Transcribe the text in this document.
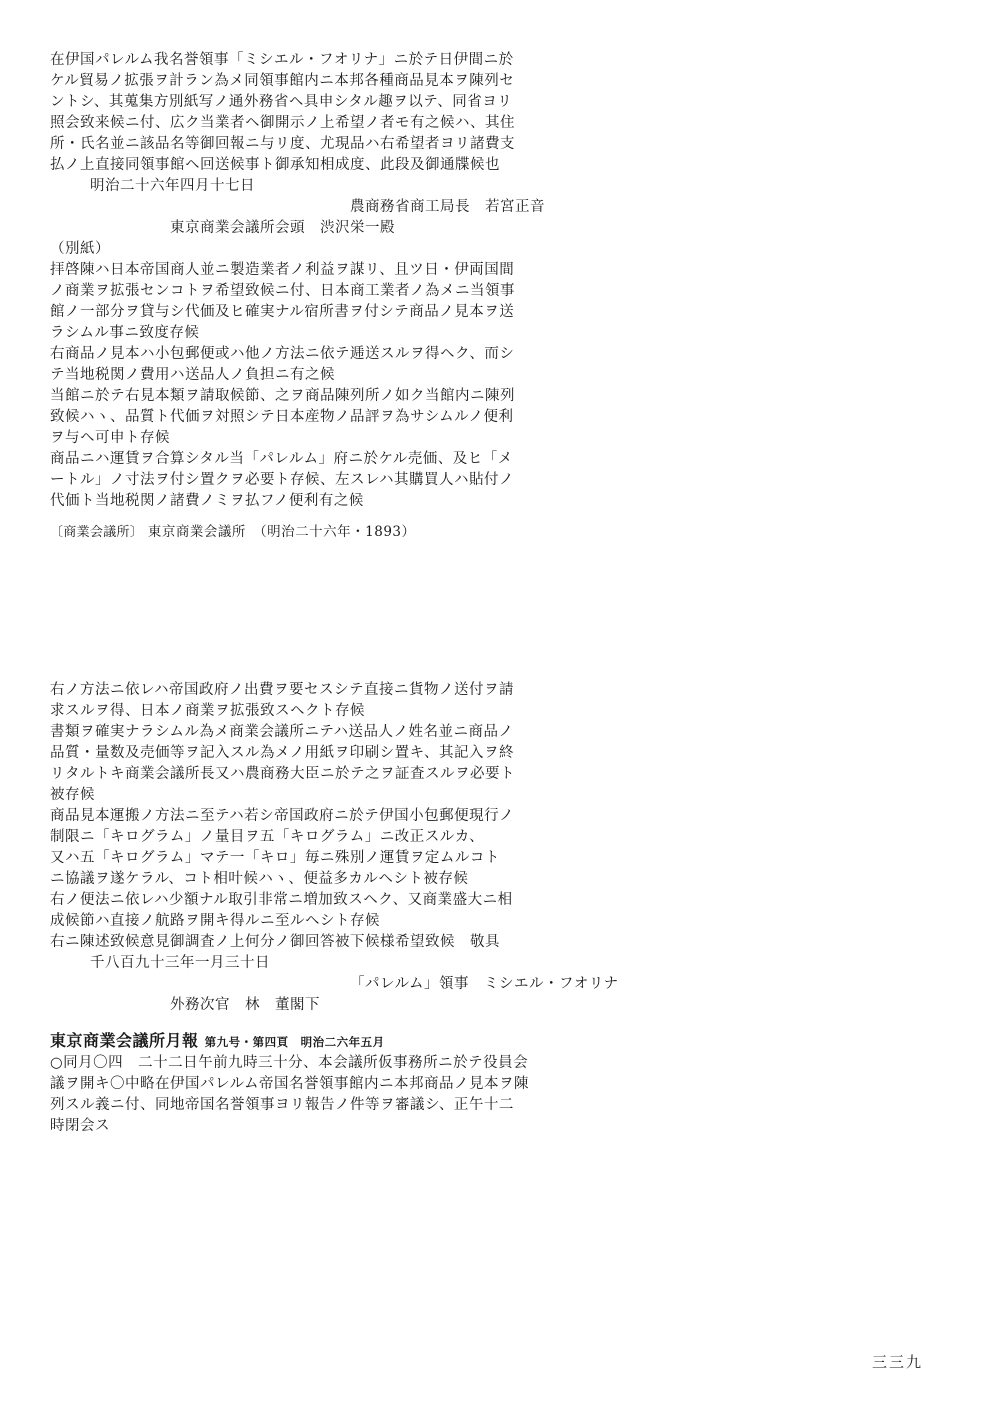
在伊国パレルム我名誉領事「ミシエル・フオリナ」ニ於テ日伊間ニ於
ケル貿易ノ拡張ヲ計ラン為メ同領事館内ニ本邦各種商品見本ヲ陳列セ
ントシ、其蒐集方別紙写ノ通外務省ヘ具申シタル趣ヲ以テ、同省ヨリ
照会致来候ニ付、広ク当業者ヘ御開示ノ上希望ノ者モ有之候ハ、其住
所・氏名並ニ該品名等御回報ニ与リ度、尤現品ハ右希望者ヨリ諸費支
払ノ上直接同領事館ヘ回送候事ト御承知相成度、此段及御通牒候也
明治二十六年四月十七日
農商務省商工局長　若宮正音
東京商業会議所会頭　渋沢栄一殿
（別紙）
拝啓陳ハ日本帝国商人並ニ製造業者ノ利益ヲ謀リ、且ツ日・伊両国間
ノ商業ヲ拡張センコトヲ希望致候ニ付、日本商工業者ノ為メニ当領事
館ノ一部分ヲ貸与シ代価及ヒ確実ナル宿所書ヲ付シテ商品ノ見本ヲ送
ラシムル事ニ致度存候
右商品ノ見本ハ小包郵便或ハ他ノ方法ニ依テ逓送スルヲ得ヘク、而シ
テ当地税関ノ費用ハ送品人ノ負担ニ有之候
当館ニ於テ右見本類ヲ請取候節、之ヲ商品陳列所ノ如ク当館内ニ陳列
致候ハヽ、品質ト代価ヲ対照シテ日本産物ノ品評ヲ為サシムルノ便利
ヲ与ヘ可申ト存候
商品ニハ運賃ヲ合算シタル当「パレルム」府ニ於ケル売価、及ヒ「メ
ートル」ノ寸法ヲ付シ置クヲ必要ト存候、左スレハ其購買人ハ貼付ノ
代価ト当地税関ノ諸費ノミヲ払フノ便利有之候
〔商業会議所〕 東京商業会議所　（明治二十六年・1893）
右ノ方法ニ依レハ帝国政府ノ出費ヲ要セスシテ直接ニ貨物ノ送付ヲ請
求スルヲ得、日本ノ商業ヲ拡張致スヘクト存候
書類ヲ確実ナラシムル為メ商業会議所ニテハ送品人ノ姓名並ニ商品ノ
品質・量数及売価等ヲ記入スル為メノ用紙ヲ印刷シ置キ、其記入ヲ終
リタルトキ商業会議所長又ハ農商務大臣ニ於テ之ヲ証査スルヲ必要ト
被存候
商品見本運搬ノ方法ニ至テハ若シ帝国政府ニ於テ伊国小包郵便現行ノ
制限ニ「キログラム」ノ量目ヲ五「キログラム」ニ改正スルカ、
又ハ五「キログラム」マテ一「キロ」毎ニ殊別ノ運賃ヲ定ムルコト
ニ協議ヲ遂ケラル、コト相叶候ハヽ、便益多カルヘシト被存候
右ノ便法ニ依レハ少額ナル取引非常ニ増加致スヘク、又商業盛大ニ相
成候節ハ直接ノ航路ヲ開キ得ルニ至ルヘシト存候
右ニ陳述致候意見御調査ノ上何分ノ御回答被下候様希望致候　敬具
千八百九十三年一月三十日
「パレルム」領事　ミシエル・フオリナ
外務次官　林　董閣下
東京商業会議所月報 第九号・第四頁　明治二六年五月
○同月〇四　二十二日午前九時三十分、本会議所仮事務所ニ於テ役員会
議ヲ開キ〇中略在伊国パレルム帝国名誉領事館内ニ本邦商品ノ見本ヲ陳
列スル義ニ付、同地帝国名誉領事ヨリ報告ノ件等ヲ審議シ、正午十二
時閉会ス
三三九
